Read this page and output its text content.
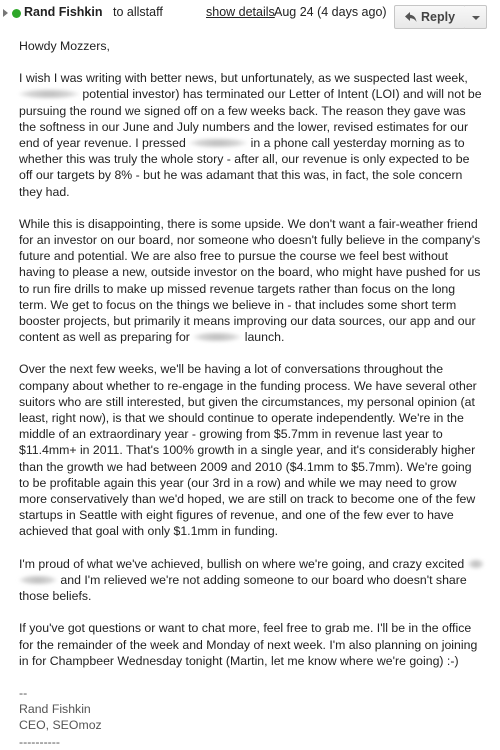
Rand Fishkin to allstaff	show details Aug 24 (4 days ago)	Reply

Howdy Mozzers,

I wish I was writing with better news, but unfortunately, as we suspected last week,  potential investor) has terminated our Letter of Intent (LOI) and will not be pursuing the round we signed off on a few weeks back. The reason they gave was the softness in our June and July numbers and the lower, revised estimates for our end of year revenue. I pressed	in a phone call yesterday morning as to whether this was truly the whole story - after all, our revenue is only expected to be off our targets by 8% - but he was adamant that this was, in fact, the sole concern they had.

While this is disappointing, there is some upside. We don't want a fair-weather friend for an investor on our board, nor someone who doesn't fully believe in the company's future and potential. We are also free to pursue the course we feel best without having to please a new, outside investor on the board, who might have pushed for us to run fire drills to make up missed revenue targets rather than focus on the long term. We get to focus on the things we believe in - that includes some short term booster projects, but primarily it means improving our data sources, our app and our content as well as preparing for	launch.

Over the next few weeks, we'll be having a lot of conversations throughout the company about whether to re-engage in the funding process. We have several other suitors who are still interested, but given the circumstances, my personal opinion (at least, right now), is that we should continue to operate independently. We're in the middle of an extraordinary year - growing from $5.7mm in revenue last year to $11.4mm+ in 2011. That's 100% growth in a single year, and it's considerably higher than the growth we had between 2009 and 2010 ($4.1mm to $5.7mm). We're going to be profitable again this year (our 3rd in a row) and while we may need to grow more conservatively than we'd hoped, we are still on track to become one of the few startups in Seattle with eight figures of revenue, and one of the few ever to have achieved that goal with only $1.1mm in funding.

I'm proud of what we've achieved, bullish on where we're going, and crazy excited   and I'm relieved we're not adding someone to our board who doesn't share those beliefs.

If you've got questions or want to chat more, feel free to grab me. I'll be in the office for the remainder of the week and Monday of next week. I'm also planning on joining in for Champbeer Wednesday tonight (Martin, let me know where we're going) :-)

--
Rand Fishkin
CEO, SEOmoz
----------
